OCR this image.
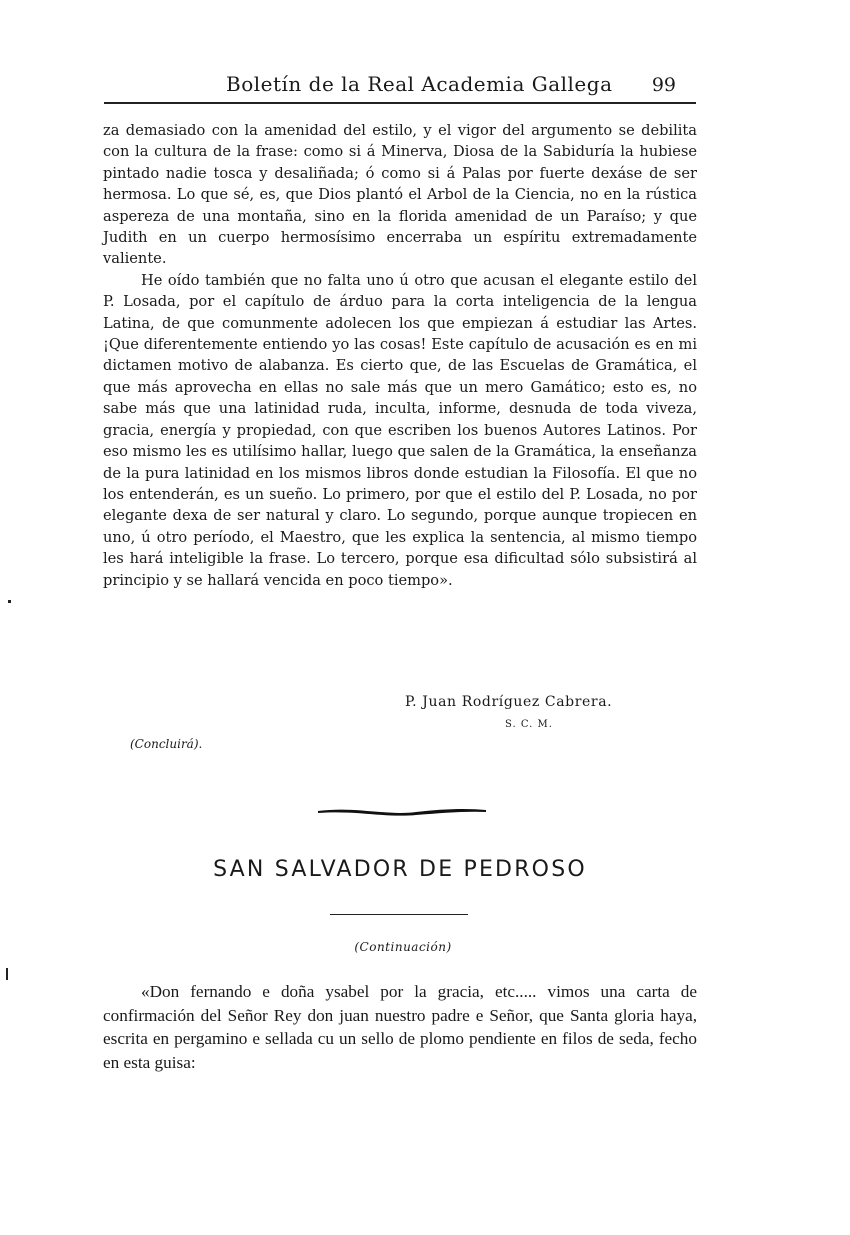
Boletín de la Real Academia Gallega 99

za demasiado con la amenidad del estilo, y el vigor del argumento se debilita con la cultura de la frase: como si á Minerva, Diosa de la Sabiduría la hubiese pintado nadie tosca y desaliñada; ó como si á Palas por fuerte dexáse de ser hermosa. Lo que sé, es, que Dios plantó el Arbol de la Ciencia, no en la rústica aspereza de una montaña, sino en la florida amenidad de un Paraíso; y que Judith en un cuerpo hermosísimo encerraba un espíritu extremadamente valiente.

He oído también que no falta uno ú otro que acusan el elegante estilo del P. Losada, por el capítulo de árduo para la corta inteligencia de la lengua Latina, de que comunmente adolecen los que empiezan á estudiar las Artes. ¡Que diferentemente entiendo yo las cosas! Este capítulo de acusación es en mi dictamen motivo de alabanza. Es cierto que, de las Escuelas de Gramática, el que más aprovecha en ellas no sale más que un mero Gamático; esto es, no sabe más que una latinidad ruda, inculta, informe, desnuda de toda viveza, gracia, energía y propiedad, con que escriben los buenos Autores Latinos. Por eso mismo les es utilísimo hallar, luego que salen de la Gramática, la enseñanza de la pura latinidad en los mismos libros donde estudian la Filosofía. El que no los entenderán, es un sueño. Lo primero, por que el estilo del P. Losada, no por elegante dexa de ser natural y claro. Lo segundo, porque aunque tropiecen en uno, ú otro período, el Maestro, que les explica la sentencia, al mismo tiempo les hará inteligible la frase. Lo tercero, porque esa dificultad sólo subsistirá al principio y se hallará vencida en poco tiempo».

P. Juan Rodríguez Cabrera.
S. C. M.
(Concluirá).
SAN SALVADOR DE PEDROSO
(Continuación)

«Don fernando e doña ysabel por la gracia, etc..... vimos una carta de confirmación del Señor Rey don juan nuestro padre e Señor, que Santa gloria haya, escrita en pergamino e sellada cu un sello de plomo pendiente en filos de seda, fecho en esta guisa:
